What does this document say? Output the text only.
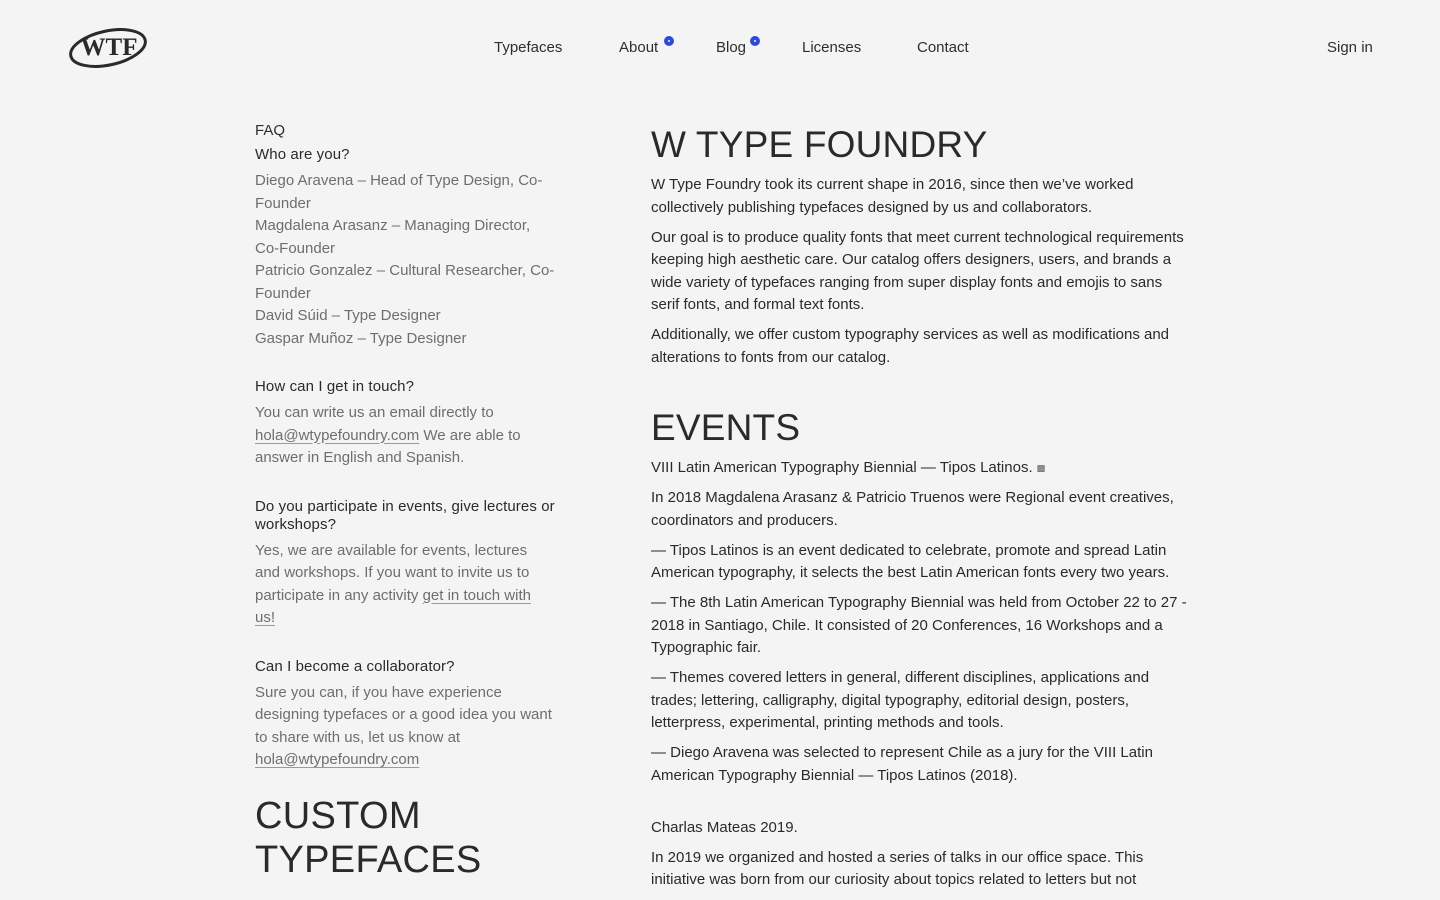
WTF	Typefaces	About	Blog	Licenses	Contact	Sign in

FAQ

Who are you?

Diego Aravena – Head of Type Design, Co-Founder
Magdalena Arasanz – Managing Director, Co-Founder
Patricio Gonzalez – Cultural Researcher, Co-Founder
David Súid – Type Designer
Gaspar Muñoz – Type Designer

How can I get in touch?

You can write us an email directly to hola@wtypefoundry.com We are able to answer in English and Spanish.

Do you participate in events, give lectures or workshops?

Yes, we are available for events, lectures and workshops. If you want to invite us to participate in any activity get in touch with us!

Can I become a collaborator?

Sure you can, if you have experience designing typefaces or a good idea you want to share with us, let us know at hola@wtypefoundry.com

CUSTOM TYPEFACES
W TYPE FOUNDRY

W Type Foundry took its current shape in 2016, since then we’ve worked collectively publishing typefaces designed by us and collaborators.

Our goal is to produce quality fonts that meet current technological requirements keeping high aesthetic care. Our catalog offers designers, users, and brands a wide variety of typefaces ranging from super display fonts and emojis to sans serif fonts, and formal text fonts.

Additionally, we offer custom typography services as well as modifications and alterations to fonts from our catalog.

EVENTS

VIII Latin American Typography Biennial — Tipos Latinos. ▩

In 2018 Magdalena Arasanz & Patricio Truenos were Regional event creatives, coordinators and producers.

— Tipos Latinos is an event dedicated to celebrate, promote and spread Latin American typography, it selects the best Latin American fonts every two years.

— The 8th Latin American Typography Biennial was held from October 22 to 27 - 2018 in Santiago, Chile. It consisted of 20 Conferences, 16 Workshops and a Typographic fair.

— Themes covered letters in general, different disciplines, applications and trades; lettering, calligraphy, digital typography, editorial design, posters, letterpress, experimental, printing methods and tools.

— Diego Aravena was selected to represent Chile as a jury for the VIII Latin American Typography Biennial — Tipos Latinos (2018).

Charlas Mateas 2019.

In 2019 we organized and hosted a series of talks in our office space. This initiative was born from our curiosity about topics related to letters but not
